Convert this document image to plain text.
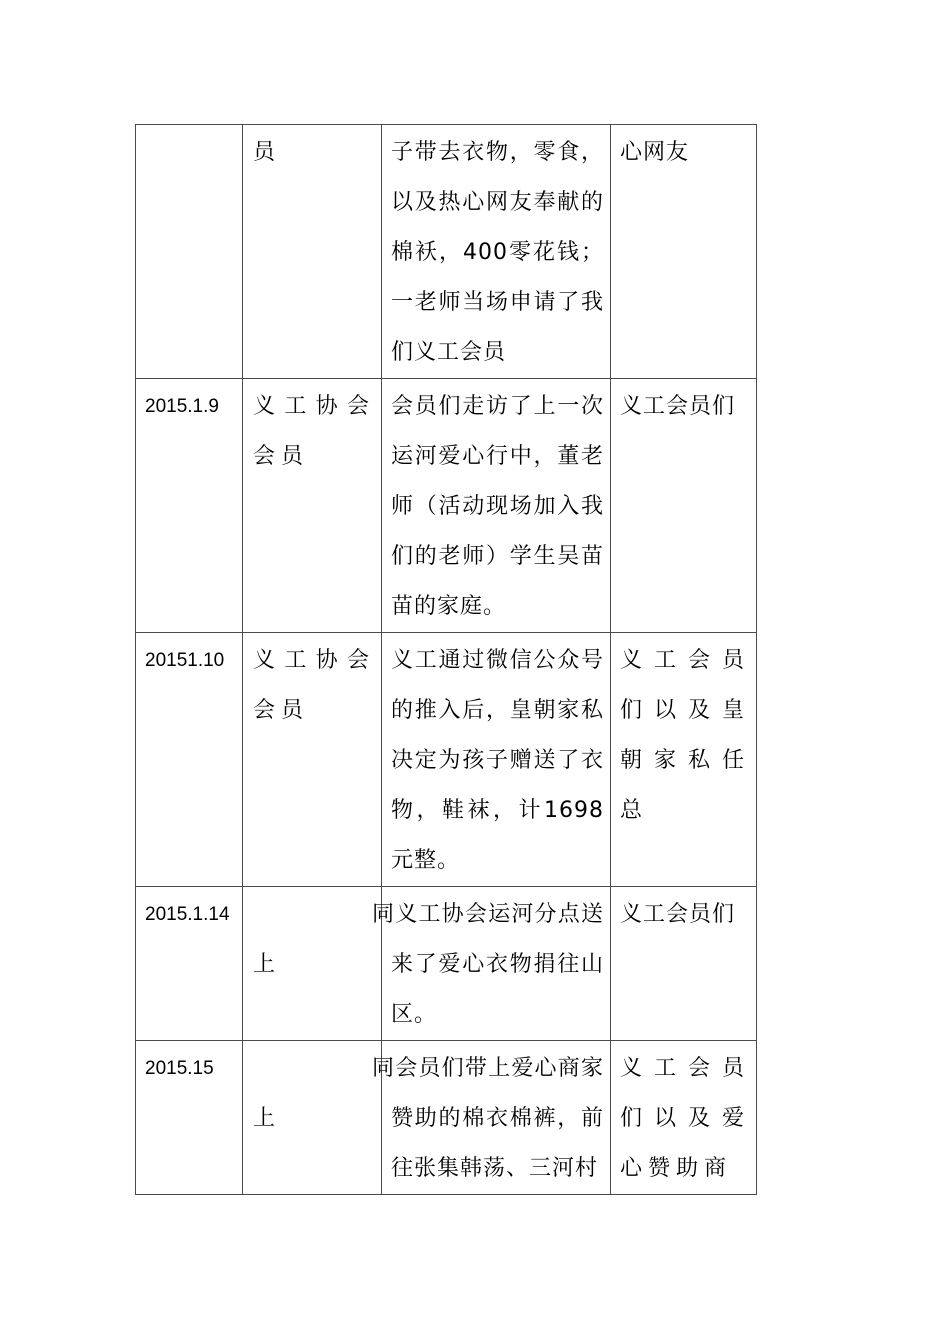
	员	子带去衣物，零食，以及热心网友奉献的棉袄，400零花钱；一老师当场申请了我们义工会员	心网友

2015.1.9	义工协会会员	会员们走访了上一次运河爱心行中，董老师（活动现场加入我们的老师）学生吴苗苗的家庭。	义工会员们

20151.10	义工协会会员	义工通过微信公众号的推入后，皇朝家私决定为孩子赠送了衣物，鞋袜，计1698元整。	义工会员们以及皇朝家私任总

2015.1.14	上	同义工协会运河分点送来了爱心衣物捐往山区。	义工会员们

2015.15	上	同会员们带上爱心商家赞助的棉衣棉裤，前往张集韩荡、三河村	义工会员们以及爱心赞助商
